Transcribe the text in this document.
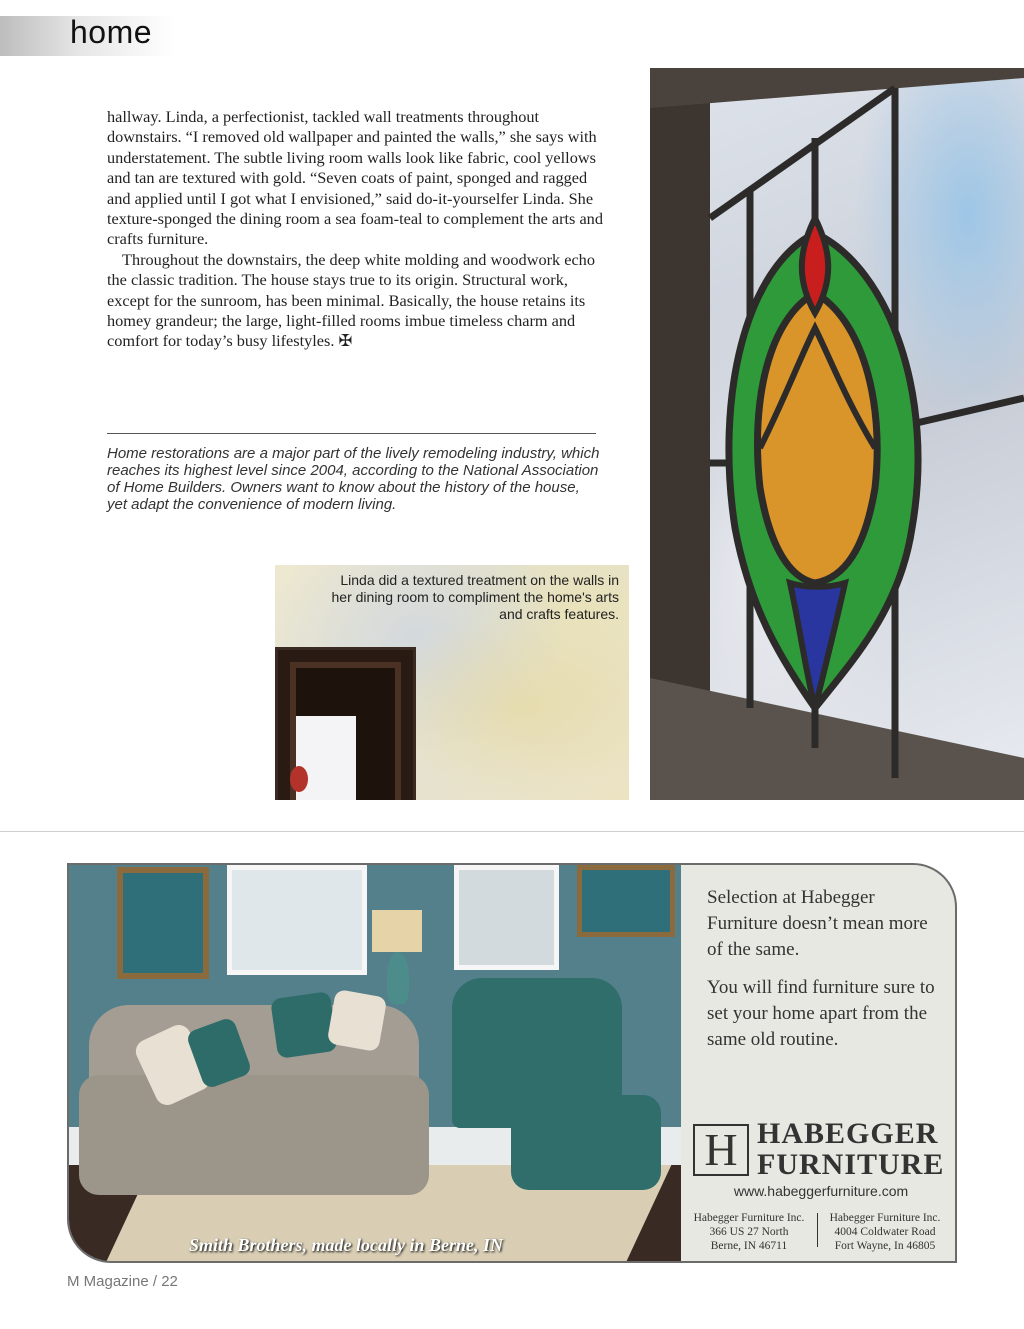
home

hallway. Linda, a perfectionist, tackled wall treatments throughout downstairs. “I removed old wallpaper and painted the walls,” she says with understatement. The subtle living room walls look like fabric, cool yellows and tan are textured with gold. “Seven coats of paint, sponged and ragged and applied until I got what I envisioned,” said do-it-yourselfer Linda. She texture-sponged the dining room a sea foam-teal to complement the arts and crafts furniture.

Throughout the downstairs, the deep white molding and woodwork echo the classic tradition. The house stays true to its origin. Structural work, except for the sunroom, has been minimal. Basically, the house retains its homey grandeur; the large, light-filled rooms imbue timeless charm and comfort for today’s busy lifestyles. ✠

Home restorations are a major part of the lively remodeling industry, which reaches its highest level since 2004, according to the National Association of Home Builders. Owners want to know about the history of the house, yet adapt the convenience of modern living.
Linda did a textured treatment on the walls in her dining room to compliment the home's arts and crafts features.
Smith Brothers, made locally in Berne, IN

Selection at Habegger Furniture doesn’t mean more of the same.

You will find furniture sure to set your home apart from the same old routine.

H HABEGGER
FURNITURE
www.habeggerfurniture.com
Habegger Furniture Inc.
366 US 27 North
Berne, IN 46711
Habegger Furniture Inc.
4004 Coldwater Road
Fort Wayne, In 46805
M Magazine / 22
